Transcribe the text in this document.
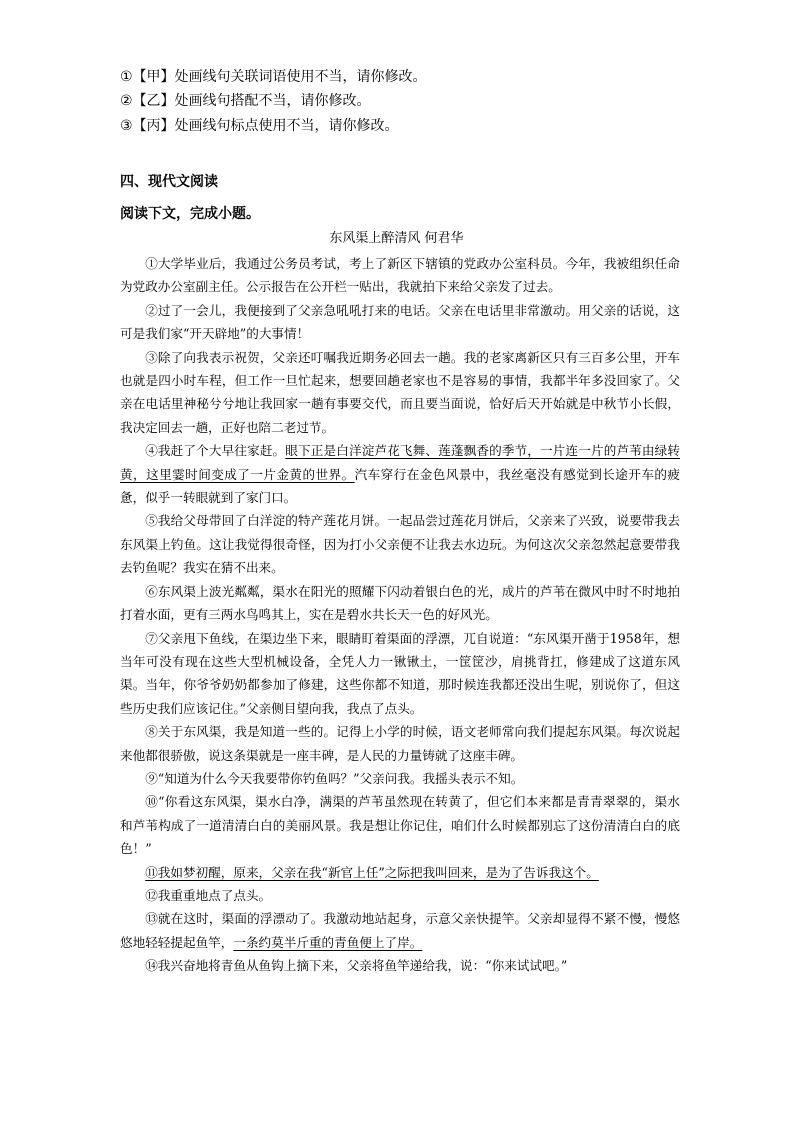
①【甲】处画线句关联词语使用不当，请你修改。
②【乙】处画线句搭配不当，请你修改。
③【丙】处画线句标点使用不当，请你修改。
四、现代文阅读
阅读下文，完成小题。
东风渠上醉清风 何君华

①大学毕业后，我通过公务员考试，考上了新区下辖镇的党政办公室科员。今年，我被组织任命为党政办公室副主任。公示报告在公开栏一贴出，我就拍下来给父亲发了过去。

②过了一会儿，我便接到了父亲急吼吼打来的电话。父亲在电话里非常激动。用父亲的话说，这可是我们家“开天辟地”的大事情！

③除了向我表示祝贺，父亲还叮嘱我近期务必回去一趟。我的老家离新区只有三百多公里，开车也就是四小时车程，但工作一旦忙起来，想要回趟老家也不是容易的事情，我都半年多没回家了。父亲在电话里神秘兮兮地让我回家一趟有事要交代，而且要当面说，恰好后天开始就是中秋节小长假，我决定回去一趟，正好也陪二老过节。

④我赶了个大早往家赶。眼下正是白洋淀芦花飞舞、莲蓬飘香的季节，一片连一片的芦苇由绿转黄，这里霎时间变成了一片金黄的世界。汽车穿行在金色风景中，我丝毫没有感觉到长途开车的疲惫，似乎一转眼就到了家门口。

⑤我给父母带回了白洋淀的特产莲花月饼。一起品尝过莲花月饼后，父亲来了兴致，说要带我去东风渠上钓鱼。这让我觉得很奇怪，因为打小父亲便不让我去水边玩。为何这次父亲忽然起意要带我去钓鱼呢？我实在猜不出来。

⑥东风渠上波光粼粼，渠水在阳光的照耀下闪动着银白色的光，成片的芦苇在微风中时不时地拍打着水面，更有三两水鸟鸣其上，实在是碧水共长天一色的好风光。

⑦父亲甩下鱼线，在渠边坐下来，眼睛盯着渠面的浮漂，兀自说道：“东风渠开凿于1958年，想当年可没有现在这些大型机械设备，全凭人力一锹锹土，一筐筐沙，肩挑背扛，修建成了这道东风渠。当年，你爷爷奶奶都参加了修建，这些你都不知道，那时候连我都还没出生呢，别说你了，但这些历史我们应该记住。”父亲侧目望向我，我点了点头。

⑧关于东风渠，我是知道一些的。记得上小学的时候，语文老师常向我们提起东风渠。每次说起来他都很骄傲，说这条渠就是一座丰碑，是人民的力量铸就了这座丰碑。

⑨“知道为什么今天我要带你钓鱼吗？”父亲问我。我摇头表示不知。

⑩“你看这东风渠，渠水白净，满渠的芦苇虽然现在转黄了，但它们本来都是青青翠翠的，渠水和芦苇构成了一道清清白白的美丽风景。我是想让你记住，咱们什么时候都别忘了这份清清白白的底色！”

⑪我如梦初醒，原来，父亲在我“新官上任”之际把我叫回来，是为了告诉我这个。

⑫我重重地点了点头。

⑬就在这时，渠面的浮漂动了。我激动地站起身，示意父亲快提竿。父亲却显得不紧不慢，慢悠悠地轻轻提起鱼竿，一条约莫半斤重的青鱼便上了岸。

⑭我兴奋地将青鱼从鱼钩上摘下来，父亲将鱼竿递给我，说：“你来试试吧。”
